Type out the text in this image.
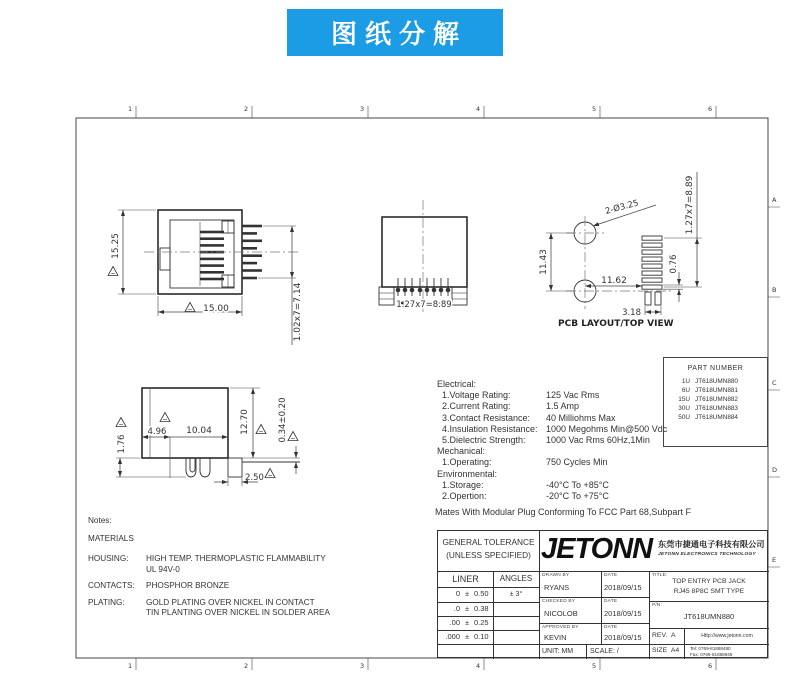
图纸分解
1	2	3	4	5	6
1	2	3	4	5	6
A
B
C
D
E
15.25
15.00	1.02x7=7.14	1.27x7=8.89
2-Ø3.25
11.43
11.62
0.76
1.27x7=8.89
3.18
PCB LAYOUT/TOP VIEW
1.76
4.96 10.04	12.70	0.34±0.20
2.50
Electrical:
1.Voltage Rating:	125 Vac Rms
2.Current Rating:	1.5 Amp
3.Contact Resistance:	40 Milliohms Max
4.Insulation Resistance: 1000 Megohms Min@500 Vdc
5.Dielectric Strength:	1000 Vac Rms 60Hz,1Min
Mechanical:
1.Operating:	750 Cycles Min
Environmental:
1.Storage:	-40°C To +85°C
2.Opertion:	-20°C To +75°C
Mates With Modular Plug Conforming To FCC Part 68,Subpart F
PART NUMBER
1U JT618UMN880
6U JT618UMN881
15U JT618UMN882
30U JT618UMN883
50U JT618UMN884
Notes:
MATERIALS
HOUSING:	HIGH TEMP. THERMOPLASTIC FLAMMABILITY
UL 94V-0
CONTACTS:	PHOSPHOR BRONZE
PLATING:	GOLD PLATING OVER NICKEL IN CONTACT
TIN PLANTING OVER NICKEL IN SOLDER AREA
GENERAL TOLERANCE
(UNLESS SPECIFIED)
LINER	ANGLES
0 ± 0.50
.0 ± 0.38
.00 ± 0.25
.000 ± 0.10
± 3°
JETONN 东莞市捷通电子科技有限公司
JETONN ELECTRONICS TECHNOLOGY
DRAWN BY
RYANS
DATE
2018/09/15
CHECKED BY
NICOLOB
DATE
2018/09/15
APPROVED BY
KEVIN
DATE
2018/09/15
UNIT: MM	SCALE: /
TITLE:
TOP ENTRY PCB JACK
RJ45 8P8C SMT TYPE
P/N:
JT618UMN880
REV. A
SIZE A4
Http://www.jetonn.com
Tel: 0769-81888480
Fax: 0769-81888948
